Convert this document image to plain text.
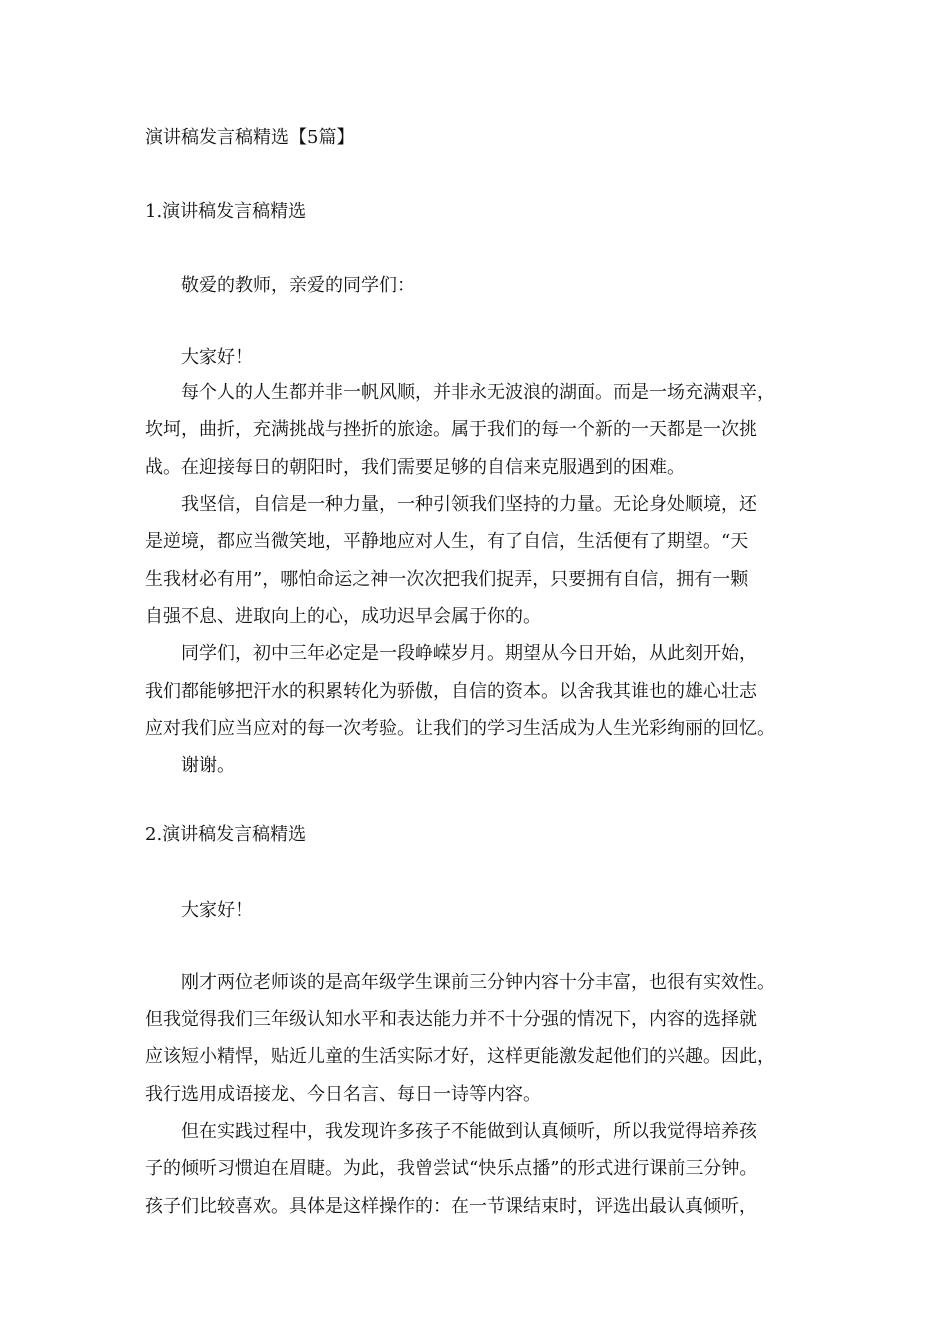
演讲稿发言稿精选【5篇】
1.演讲稿发言稿精选
敬爱的教师，亲爱的同学们：
大家好！
每个人的人生都并非一帆风顺，并非永无波浪的湖面。而是一场充满艰辛，
坎坷，曲折，充满挑战与挫折的旅途。属于我们的每一个新的一天都是一次挑
战。在迎接每日的朝阳时，我们需要足够的自信来克服遇到的困难。
我坚信，自信是一种力量，一种引领我们坚持的力量。无论身处顺境，还
是逆境，都应当微笑地，平静地应对人生，有了自信，生活便有了期望。“天
生我材必有用”，哪怕命运之神一次次把我们捉弄，只要拥有自信，拥有一颗
自强不息、进取向上的心，成功迟早会属于你的。
同学们，初中三年必定是一段峥嵘岁月。期望从今日开始，从此刻开始，
我们都能够把汗水的积累转化为骄傲，自信的资本。以舍我其谁也的雄心壮志
应对我们应当应对的每一次考验。让我们的学习生活成为人生光彩绚丽的回忆。
谢谢。
2.演讲稿发言稿精选
大家好！
刚才两位老师谈的是高年级学生课前三分钟内容十分丰富，也很有实效性。
但我觉得我们三年级认知水平和表达能力并不十分强的情况下，内容的选择就
应该短小精悍，贴近儿童的生活实际才好，这样更能激发起他们的兴趣。因此，
我行选用成语接龙、今日名言、每日一诗等内容。
但在实践过程中，我发现许多孩子不能做到认真倾听，所以我觉得培养孩
子的倾听习惯迫在眉睫。为此，我曾尝试“快乐点播”的形式进行课前三分钟。
孩子们比较喜欢。具体是这样操作的：在一节课结束时，评选出最认真倾听，
